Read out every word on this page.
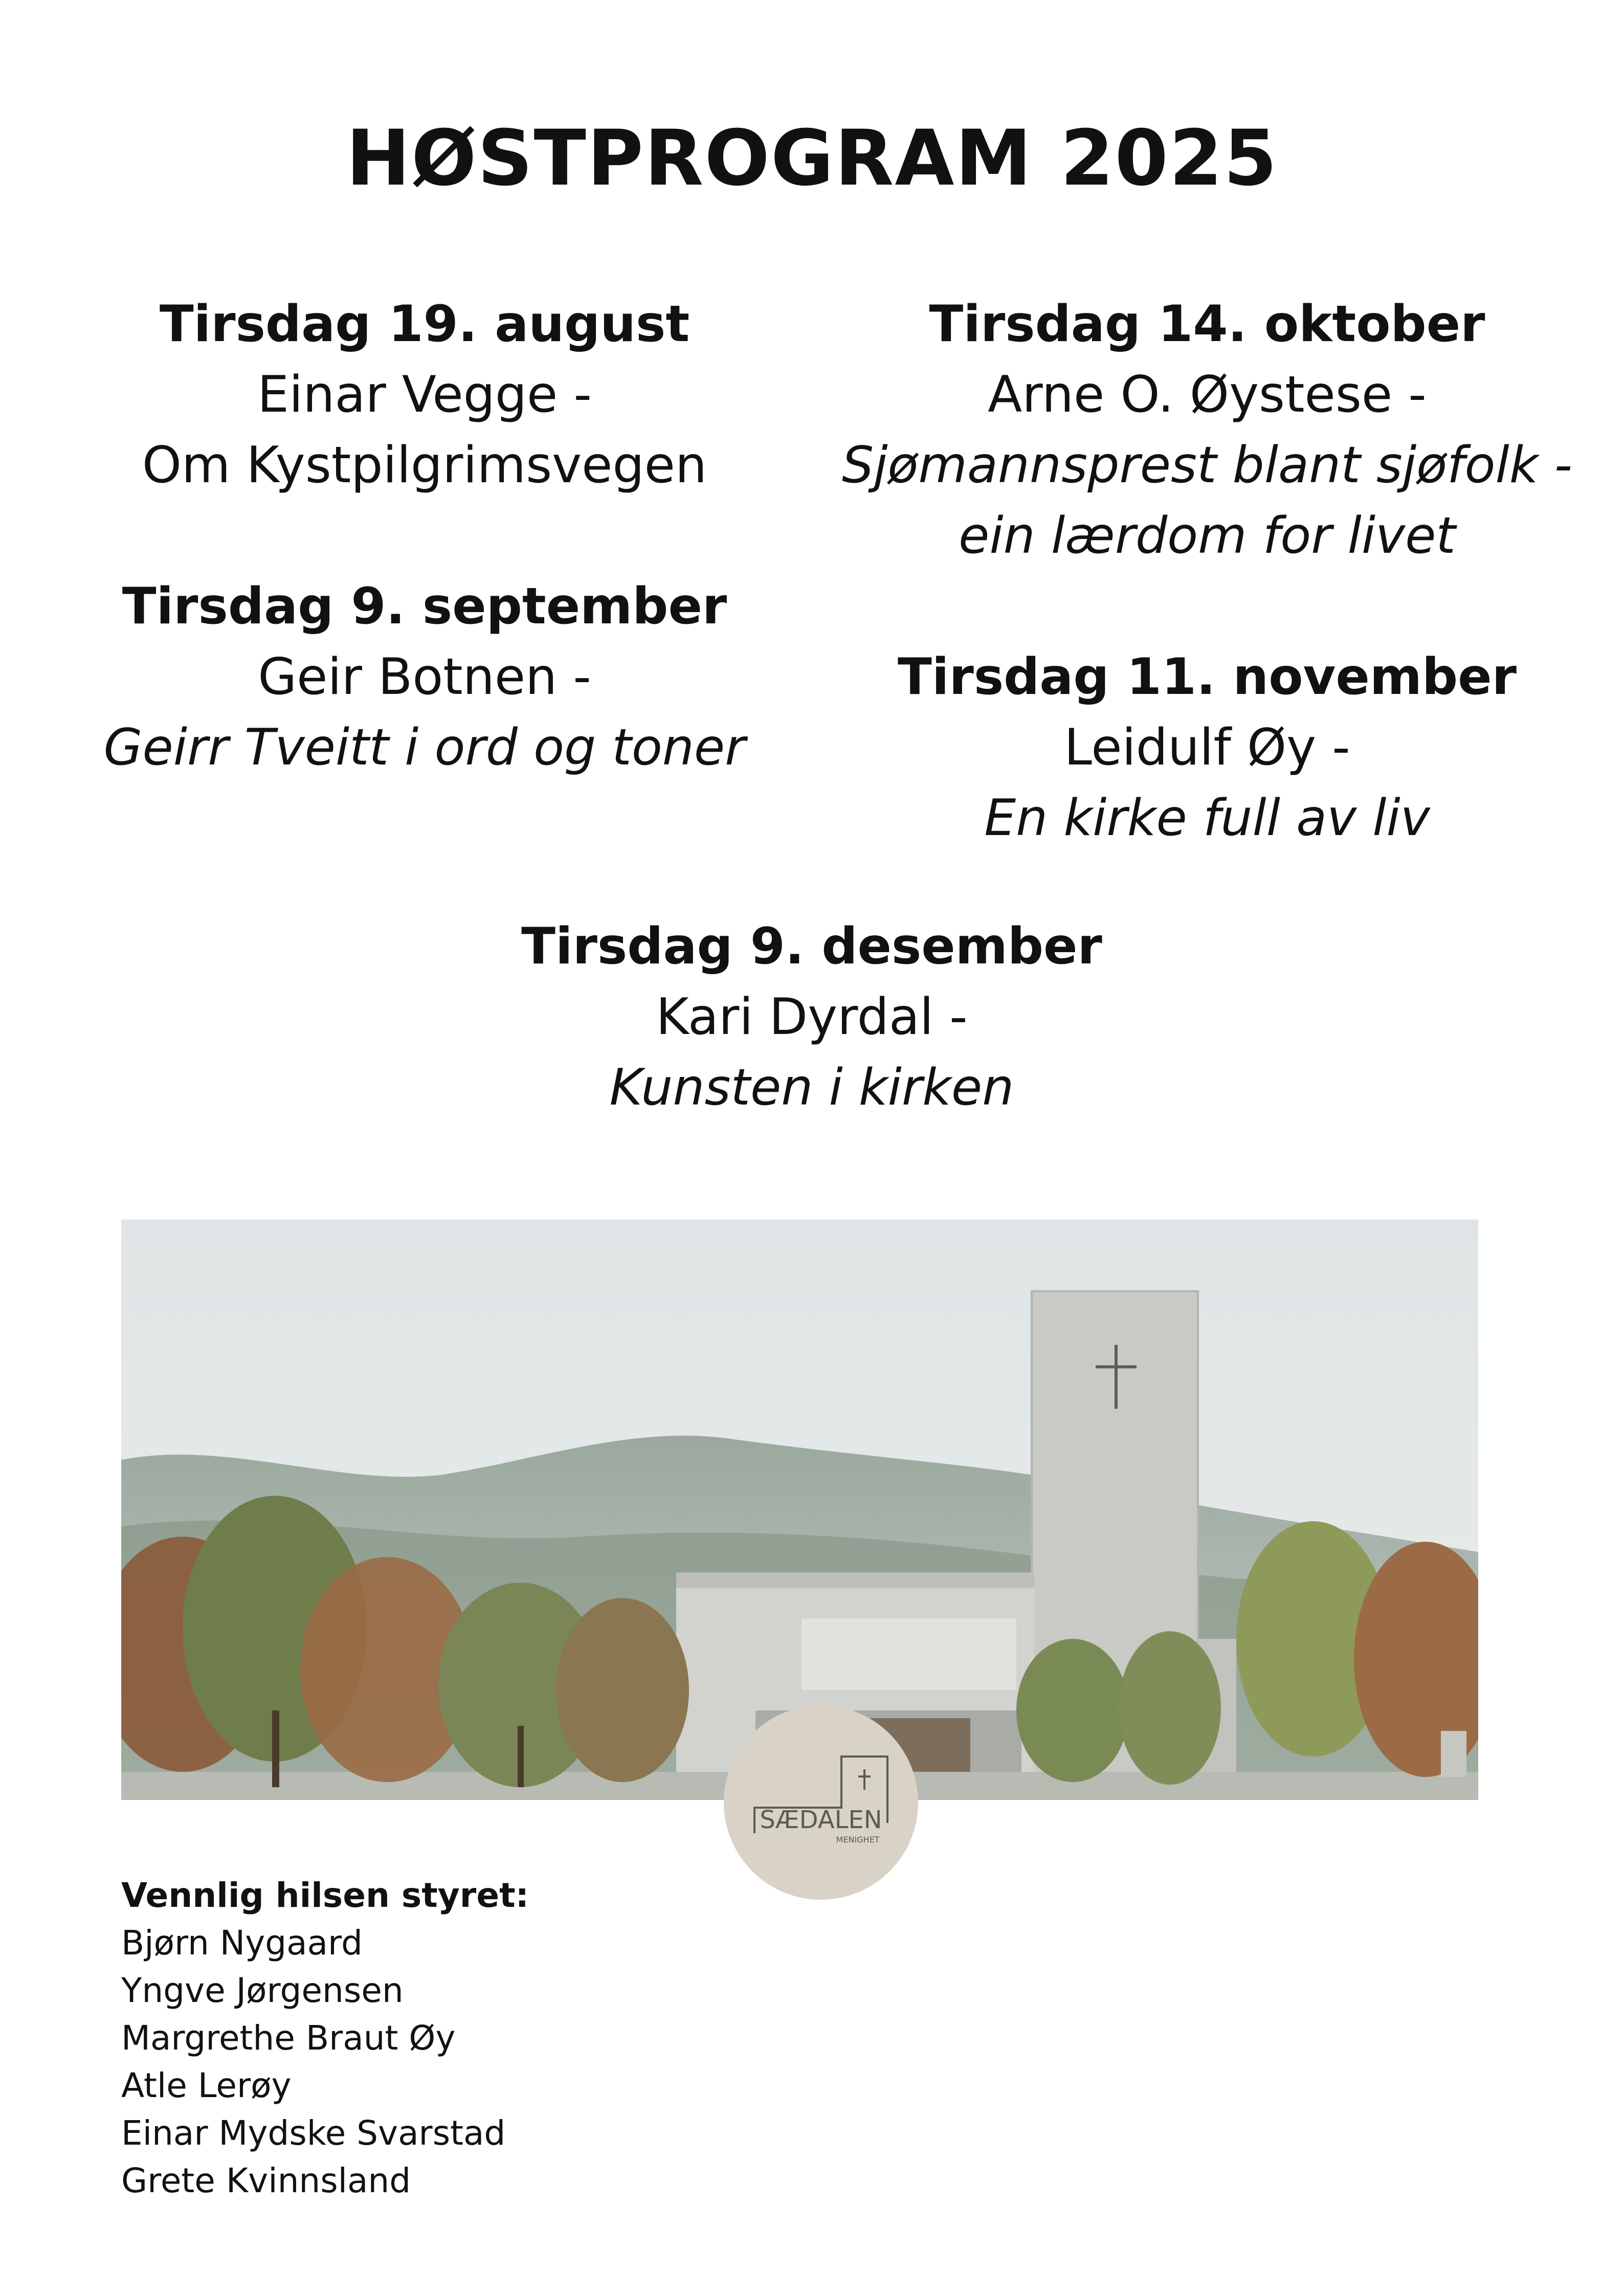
HØSTPROGRAM 2025
Tirsdag 19. august
Einar Vegge -
Om Kystpilgrimsvegen
Tirsdag 9. september
Geir Botnen -
Geirr Tveitt i ord og toner
Tirsdag 14. oktober
Arne O. Øystese -
Sjømannsprest blant sjøfolk -
ein lærdom for livet
Tirsdag 11. november
Leidulf Øy -
En kirke full av liv
Tirsdag 9. desember
Kari Dyrdal -
Kunsten i kirken
SÆDALEN
MENIGHET
Vennlig hilsen styret:
Bjørn Nygaard
Yngve Jørgensen
Margrethe Braut Øy
Atle Lerøy
Einar Mydske Svarstad
Grete Kvinnsland
